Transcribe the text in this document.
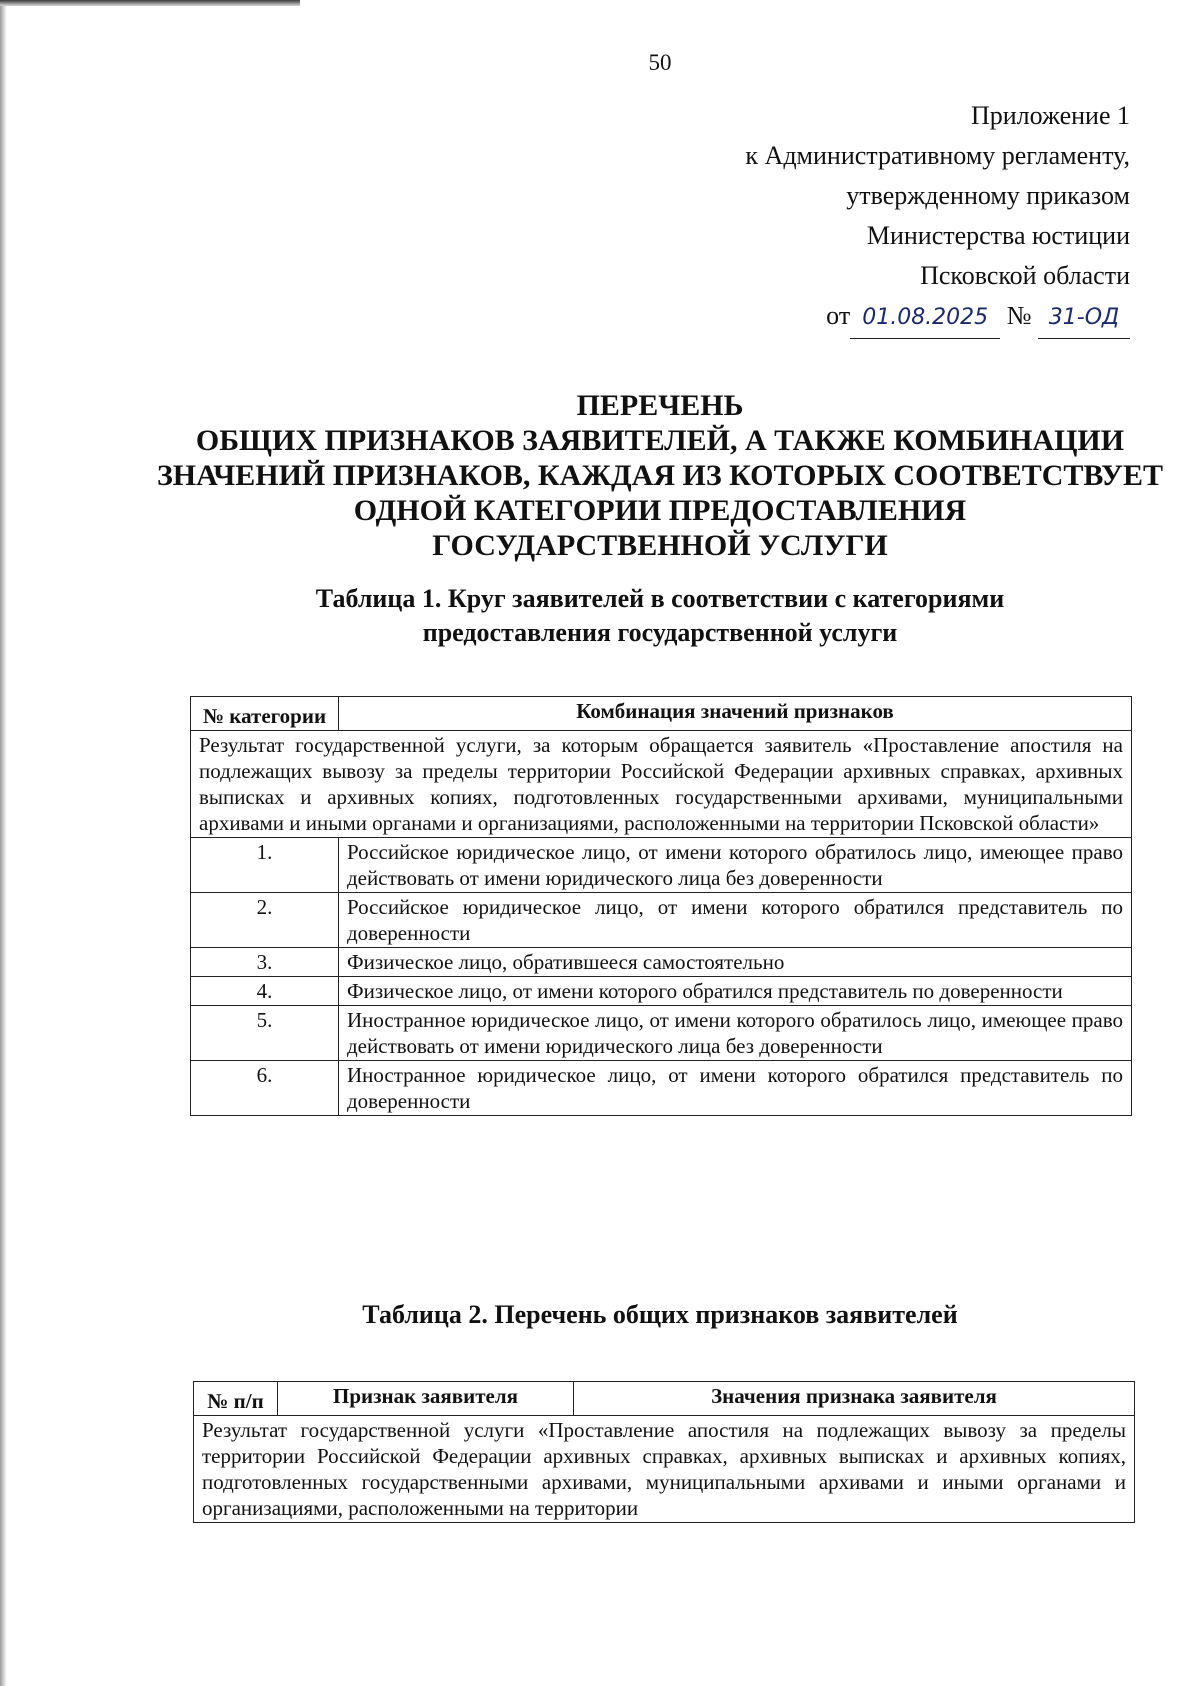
50
Приложение 1
к Административному регламенту,
утвержденному приказом
Министерства юстиции
Псковской области
от 01.08.2025 № 31-ОД
ПЕРЕЧЕНЬ
ОБЩИХ ПРИЗНАКОВ ЗАЯВИТЕЛЕЙ, А ТАКЖЕ КОМБИНАЦИИ
ЗНАЧЕНИЙ ПРИЗНАКОВ, КАЖДАЯ ИЗ КОТОРЫХ СООТВЕТСТВУЕТ
ОДНОЙ КАТЕГОРИИ ПРЕДОСТАВЛЕНИЯ
ГОСУДАРСТВЕННОЙ УСЛУГИ
Таблица 1. Круг заявителей в соответствии с категориями
предоставления государственной услуги
№ категории	Комбинация значений признаков
Результат государственной услуги, за которым обращается заявитель «Проставление апостиля на подлежащих вывозу за пределы территории Российской Федерации архивных справках, архивных выписках и архивных копиях, подготовленных государственными архивами, муниципальными архивами и иными органами и организациями, расположенными на территории Псковской области»	
1.	Российское юридическое лицо, от имени которого обратилось лицо, имеющее право действовать от имени юридического лица без доверенности
2.	Российское юридическое лицо, от имени которого обратился представитель по доверенности
3.	Физическое лицо, обратившееся самостоятельно
4.	Физическое лицо, от имени которого обратился представитель по доверенности
5.	Иностранное юридическое лицо, от имени которого обратилось лицо, имеющее право действовать от имени юридического лица без доверенности
6.	Иностранное юридическое лицо, от имени которого обратился представитель по доверенности
Таблица 2. Перечень общих признаков заявителей
№ п/п	Признак заявителя	Значения признака заявителя
Результат государственной услуги «Проставление апостиля на подлежащих вывозу за пределы территории Российской Федерации архивных справках, архивных выписках и архивных копиях, подготовленных государственными архивами, муниципальными архивами и иными органами и организациями, расположенными на территории
